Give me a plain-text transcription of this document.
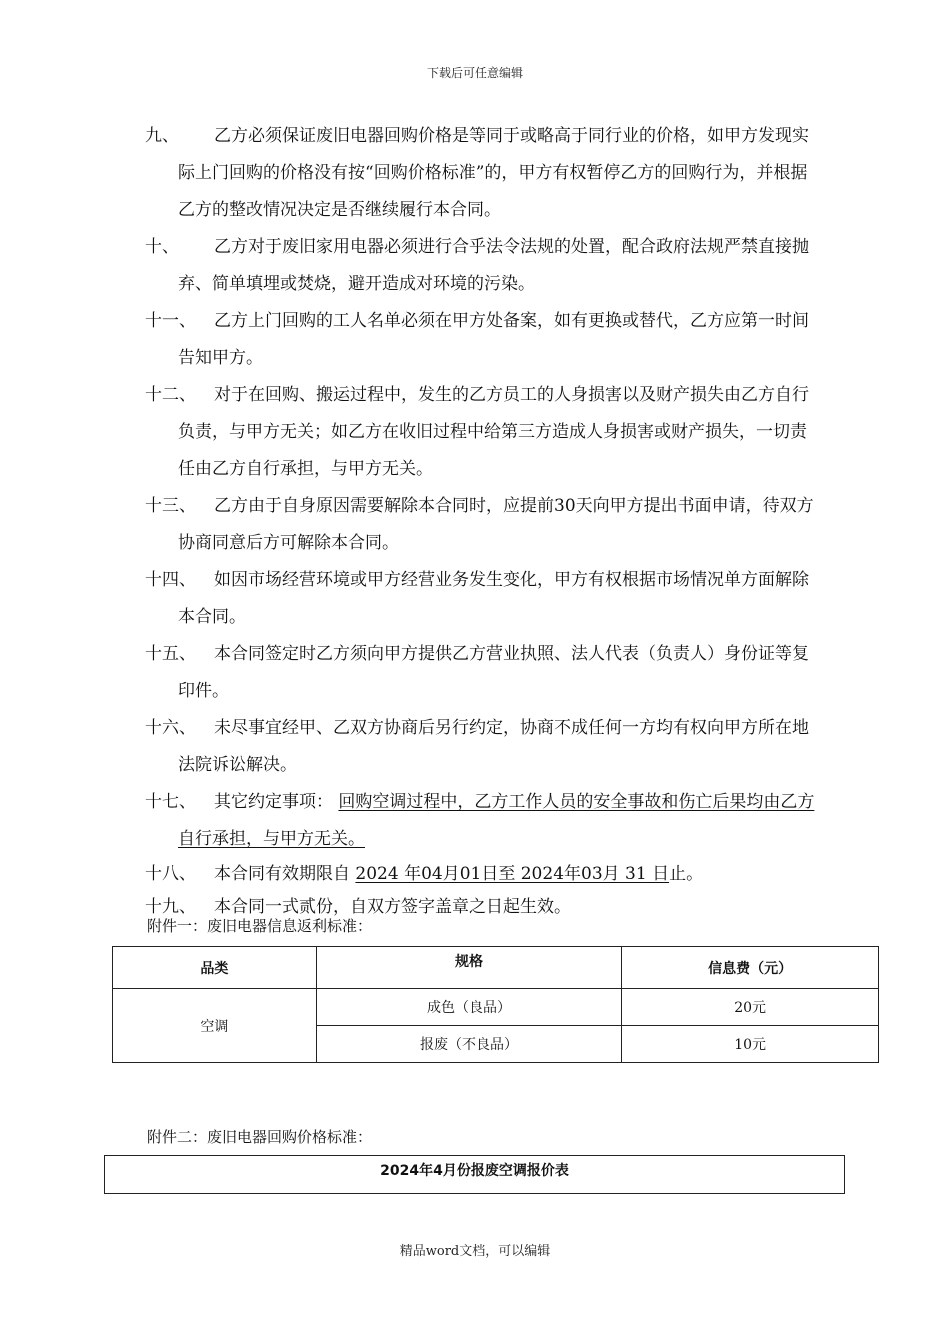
下载后可任意编辑

九、	乙方必须保证废旧电器回购价格是等同于或略高于同行业的价格，如甲方发现实际上门回购的价格没有按“回购价格标准”的，甲方有权暂停乙方的回购行为，并根据乙方的整改情况决定是否继续履行本合同。

十、	乙方对于废旧家用电器必须进行合乎法令法规的处置，配合政府法规严禁直接抛弃、简单填埋或焚烧，避开造成对环境的污染。

十一、	乙方上门回购的工人名单必须在甲方处备案，如有更换或替代，乙方应第一时间告知甲方。

十二、	对于在回购、搬运过程中，发生的乙方员工的人身损害以及财产损失由乙方自行负责，与甲方无关；如乙方在收旧过程中给第三方造成人身损害或财产损失，一切责任由乙方自行承担，与甲方无关。

十三、	乙方由于自身原因需要解除本合同时，应提前30天向甲方提出书面申请，待双方协商同意后方可解除本合同。

十四、	如因市场经营环境或甲方经营业务发生变化，甲方有权根据市场情况单方面解除本合同。

十五、	本合同签定时乙方须向甲方提供乙方营业执照、法人代表（负责人）身份证等复印件。

十六、	未尽事宜经甲、乙双方协商后另行约定，协商不成任何一方均有权向甲方所在地法院诉讼解决。

十七、	其它约定事项： 回购空调过程中，乙方工作人员的安全事故和伤亡后果均由乙方自行承担，与甲方无关。

十八、	本合同有效期限自 2024 年04月01日至 2024年03月 31 日止。

十九、	本合同一式贰份，自双方签字盖章之日起生效。

附件一：废旧电器信息返利标准：
品类	规格	信息费（元）
空调	成色（良品）	20元
	报废（不良品）	10元
附件二：废旧电器回购价格标准：
2024年4月份报废空调报价表
精品word文档，可以编辑
